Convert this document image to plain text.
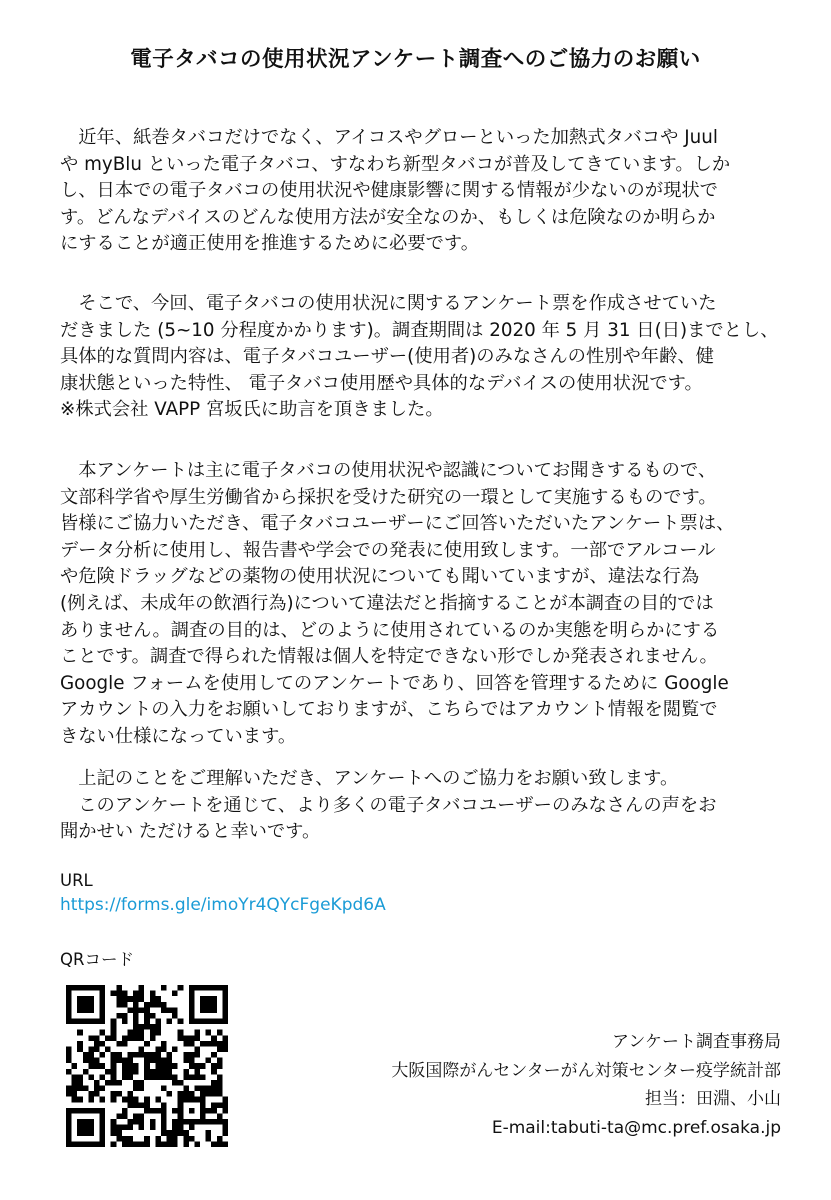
電子タバコの使用状況アンケート調査へのご協力のお願い

　近年、紙巻タバコだけでなく、アイコスやグローといった加熱式タバコや Juul
や myBlu といった電子タバコ、すなわち新型タバコが普及してきています。しか
し、日本での電子タバコの使用状況や健康影響に関する情報が少ないのが現状で
す。どんなデバイスのどんな使用方法が安全なのか、もしくは危険なのか明らか
にすることが適正使用を推進するために必要です。

　そこで、今回、電子タバコの使用状況に関するアンケート票を作成させていた
だきました (5~10 分程度かかります)。調査期間は 2020 年 5 月 31 日(日)までとし、
具体的な質問内容は、電子タバコユーザー(使用者)のみなさんの性別や年齢、健
康状態といった特性、 電子タバコ使用歴や具体的なデバイスの使用状況です。
※株式会社 VAPP 宮坂氏に助言を頂きました。

　本アンケートは主に電子タバコの使用状況や認識についてお聞きするもので、
文部科学省や厚生労働省から採択を受けた研究の一環として実施するものです。
皆様にご協力いただき、電子タバコユーザーにご回答いただいたアンケート票は、
データ分析に使用し、報告書や学会での発表に使用致します。一部でアルコール
や危険ドラッグなどの薬物の使用状況についても聞いていますが、違法な行為
(例えば、未成年の飲酒行為)について違法だと指摘することが本調査の目的では
ありません。調査の目的は、どのように使用されているのか実態を明らかにする
ことです。調査で得られた情報は個人を特定できない形でしか発表されません。
Google フォームを使用してのアンケートであり、回答を管理するために Google
アカウントの入力をお願いしておりますが、こちらではアカウント情報を閲覧で
きない仕様になっています。

　上記のことをご理解いただき、アンケートへのご協力をお願い致します。
　このアンケートを通じて、より多くの電子タバコユーザーのみなさんの声をお
聞かせい ただけると幸いです。

URL
https://forms.gle/imoYr4QYcFgeKpd6A
QRコード
アンケート調査事務局
大阪国際がんセンターがん対策センター疫学統計部
担当：田淵、小山
E-mail:tabuti-ta@mc.pref.osaka.jp
